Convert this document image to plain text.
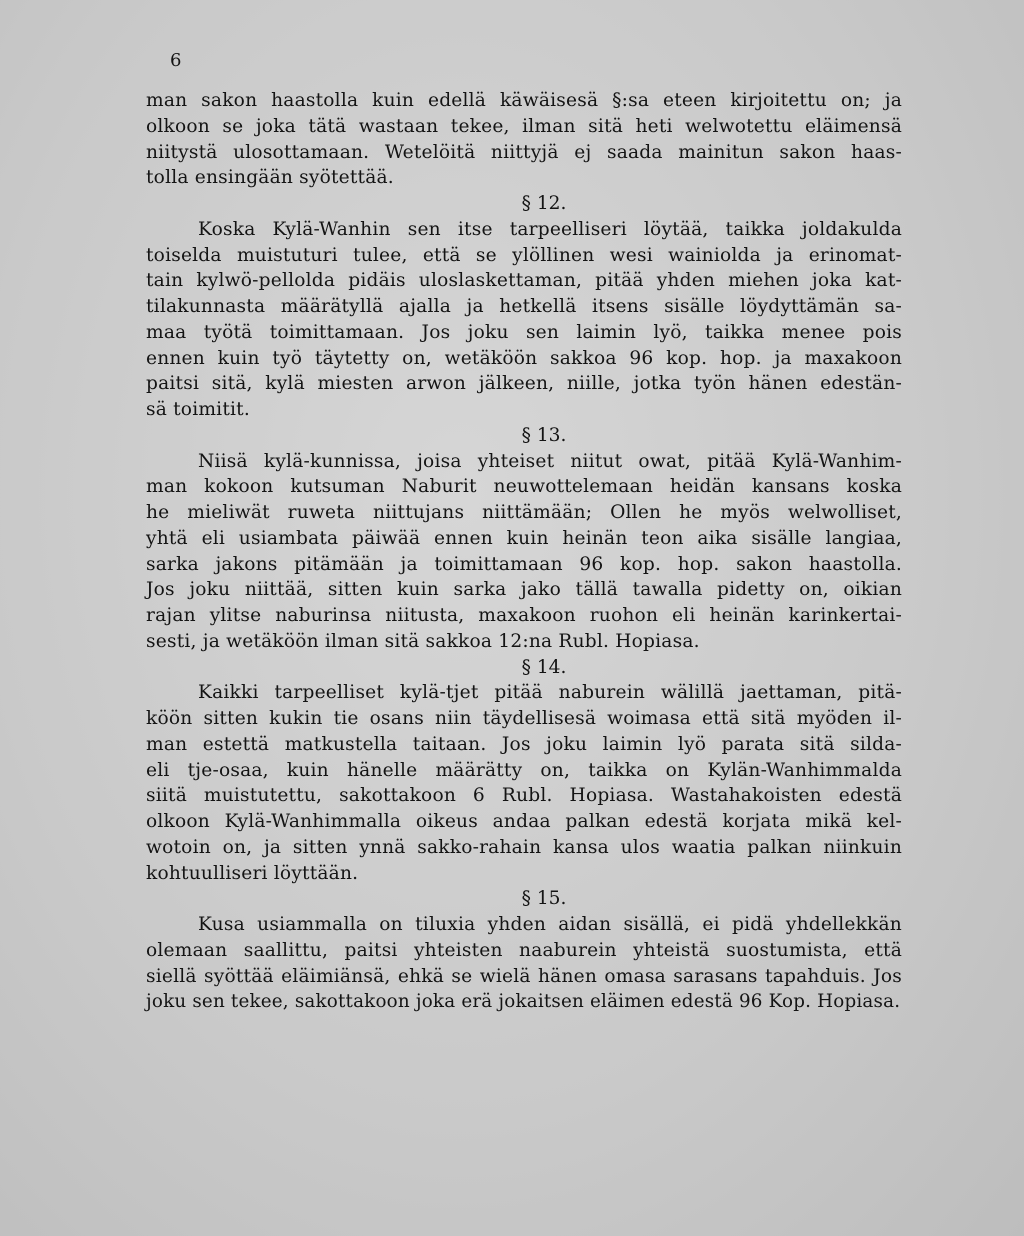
6
man sakon haastolla kuin edellä käwäisesä §:sa eteen kirjoitettu on; ja
olkoon se joka tätä wastaan tekee, ilman sitä heti welwotettu eläimensä
niitystä ulosottamaan. Wetelöitä niittyjä ej saada mainitun sakon haas-
tolla ensingään syötettää.
§ 12.
Koska Kylä-Wanhin sen itse tarpeelliseri löytää, taikka joldakulda
toiselda muistuturi tulee, että se ylöllinen wesi wainiolda ja erinomat-
tain kylwö-pellolda pidäis uloslaskettaman, pitää yhden miehen joka kat-
tilakunnasta määrätyllä ajalla ja hetkellä itsens sisälle löydyttämän sa-
maa työtä toimittamaan. Jos joku sen laimin lyö, taikka menee pois
ennen kuin työ täytetty on, wetäköön sakkoa 96 kop. hop. ja maxakoon
paitsi sitä, kylä miesten arwon jälkeen, niille, jotka työn hänen edestän-
sä toimitit.
§ 13.
Niisä kylä-kunnissa, joisa yhteiset niitut owat, pitää Kylä-Wanhim-
man kokoon kutsuman Naburit neuwottelemaan heidän kansans koska
he mieliwät ruweta niittujans niittämään; Ollen he myös welwolliset,
yhtä eli usiambata päiwää ennen kuin heinän teon aika sisälle langiaa,
sarka jakons pitämään ja toimittamaan 96 kop. hop. sakon haastolla.
Jos joku niittää, sitten kuin sarka jako tällä tawalla pidetty on, oikian
rajan ylitse naburinsa niitusta, maxakoon ruohon eli heinän karinkertai-
sesti, ja wetäköön ilman sitä sakkoa 12:na Rubl. Hopiasa.
§ 14.
Kaikki tarpeelliset kylä-tjet pitää naburein wälillä jaettaman, pitä-
köön sitten kukin tie osans niin täydellisesä woimasa että sitä myöden il-
man estettä matkustella taitaan. Jos joku laimin lyö parata sitä silda-
eli tje-osaa, kuin hänelle määrätty on, taikka on Kylän-Wanhimmalda
siitä muistutettu, sakottakoon 6 Rubl. Hopiasa. Wastahakoisten edestä
olkoon Kylä-Wanhimmalla oikeus andaa palkan edestä korjata mikä kel-
wotoin on, ja sitten ynnä sakko-rahain kansa ulos waatia palkan niinkuin
kohtuulliseri löyttään.
§ 15.
Kusa usiammalla on tiluxia yhden aidan sisällä, ei pidä yhdellekkän
olemaan saallittu, paitsi yhteisten naaburein yhteistä suostumista, että
siellä syöttää eläimiänsä, ehkä se wielä hänen omasa sarasans tapahduis. Jos
joku sen tekee, sakottakoon joka erä jokaitsen eläimen edestä 96 Kop. Hopiasa.
